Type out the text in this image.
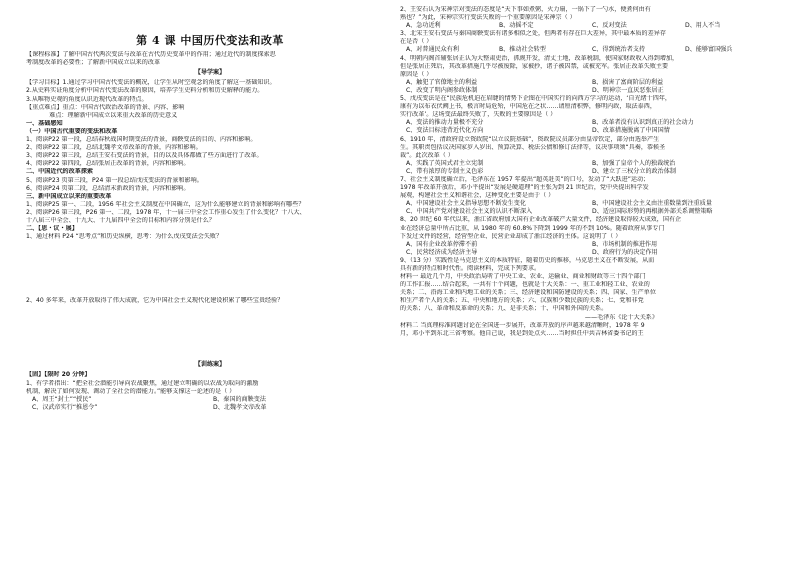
第 4 课 中国历代变法和改革
【课程标准】了解中国古代两次变法与改革在古代历史变革中的作用；通过近代的制度探索思
考制度改革的必要性；了解新中国成立以来的改革
【导学案】
【学习目标】1.通过学习中国古代变法的概况，让学生从时空观念的角度了解这一基础知识。
2.从史料实证角度分析中国古代变法改革的原因，培养学生史料分析和历史解释的能力。
3.从唯物史观的角度认识近现代改革的特点。
【重点难点】重点：中国古代政治改革的背景、内容、影响
难点：理解新中国成立以来重大改革的历史意义
一、基础感知
（一）中国古代重要的变法和改革
1、阅读P22 第一段，总结春秋战国时期变法的背景，商鞅变法的目的、内容和影响。
2、阅读P22 第二段，总结北魏孝文帝改革的背景，内容和影响。
3、阅读P22 第三段，总结王安石变法的背景，目的以及具体都做了些方面进行了改革。
4、阅读P22 第四段，总结张居正改革的背景，内容和影响。
二、中国近代的改革探索
5、阅读P23 页第三段，P24 第一段总结戊戌变法的背景和影响。
6、阅读P24 页第二段，总结清末新政的背景，内容和影响。
三、新中国成立以来的重要改革
1、阅读P25 第一、二段，1956 年社会主义制度在中国确立，这为什么能够建立的背景和影响有哪些？
2、阅读P26 第三段，P26 第一、二段，1978 年，十一届三中全会工作重心发生了什么变化？十八大、
十八届三中全会、十九大、十九届四中全会的目标和内容分别是什么？
二、【思・议・展】
1、通过材料 P24 “思考点”和历史纵横，思考：为什么戊戌变法会失败？
2、40 多年来，改革开放取得了伟大成就，它为中国社会主义现代化建设积累了哪些宝贵经验？
【训练案】
【固】【限时 20 分钟】
1、有学者指出：“把全社会潜能引导向农战聚焦，通过建立明确的以农战为取向的激励
机制，解决了如何发现、调动了全社会的潜能力。”能够支撑这一论述的是（ ）
A、周王“封土”“授民”	B、秦国的商鞅变法
C、汉武帝实行“推恩令”	D、北魏孝文帝改革
2、王安石认为宋神宗对变法的态度是“天下事如煮粥，火力扇，一锅下了一勺水，便煮何由有
熟也？”为此，宋神宗实行变法失败的一个重要原因是宋神宗（ ）
A、急功近利	B、动摇不定	C、反对变法	D、用人不当
3、北宋王安石变法与秦国商鞅变法有诸多相似之处，但两者有存在巨大差异，其中最本质的差异存
在是否（ ）
A、对普通民众有利	B、推动社会转型	C、得到统治者支持	D、能够富国强兵
4、明朝内阁首辅张居正认为大整肃吏治，抓规开发，清丈土地，改革税制，使国家财政收入得到增加，
但是张居正死后，其改革措施几乎尽被废除，家被抄，诸子被囚禁，或被充军。张居正改革失败主要
原因是（ ）
A、触犯了官僚地主的利益	B、损害了富商阶层的利益
C、改变了明内阁参政体制	D、明神宗一直厌恶张居正
5、戊戌变法是在“民族危机迫在眉睫的情势下企图在中国实行的向西方学习的运动，‘自光绪十四年，
康有为以布衣伏阙上书，极言时局危殆，中国危在之状……请厘清积弊，修明内政，取法泰西，
实行改革’。这场变法最终失败了，失败的主要原因是（ ）
A、变法的推动力量极不充分	B、改革者没有认识到真正的社会动力
C、变法目标违背近代化方向	D、改革措施脱离了中国国情
6、1910 年，清政府设立资政院“以立议院基础”，资政院议员部分由皇帝钦定，部分由选举产生
生。其职责包括议决国家岁入岁出、预算决算、税法公债和修订法律等，议决事项须“具奏，恭候圣
裁”。此次改革（ ）
A、实践了英国式君主立宪制	B、加强了皇帝个人的独裁统治
C、带有浓厚的专制主义色彩	D、建立了三权分立的政治体制
7、社会主义制度确立后，毛泽东在 1957 年提出“超英赶美”的口号，发动了“大跃进”运动；
1978 年改革开放后，邓小平提出“发展是硬道理”的主张为到 21 世纪后，党中央提出科学发
展观，构建社会主义和谐社会，这种变化主要是由于（ ）
A、中国建设社会主义指导思想不断发生变化	B、中国建设社会主义由注重数量到注重质量
C、中国共产党对建设社会主义的认识不断深入	D、适应国际形势的再根据外部关系调整策略
8、20 世纪 60 年代以来，浙江省政府加大国有企业改革破产大量文件，经济建设取得较大成效，国有企
业在经济总量中所占比重，从 1980 年的 60.8%下降到 1999 年的不到 10%。随着政府从事专门
下发过文件的经营，经营型企业、民营企业却成了浙江经济的主体。这说明了（ ）
A、国有企业改革停滞不前	B、市场机制的推进作用
C、民营经济成为经济主导	D、政府行为的决定作用
9、（13 分）实践性是马克思主义的本质特征，随着历史的推移，马克思主义在不断发展，从而
具有新的特点和时代性。阅读材料，完成下列要求。
材料一 最近几个月，中央政治局听了中央工业、农业、运输业、商业和财政等三十四个部门
的工作汇报……结合起来，一共有十个问题，也就是十大关系：一、重工业和轻工业、农业的
关系；二、沿海工业和内地工业的关系；三、经济建设和国防建设的关系；四、国家、生产单位
和生产者个人的关系；五、中央和地方的关系；六、汉族和少数民族的关系；七、党和非党
的关系；八、革命和反革命的关系；九、是非关系；十、中国和外国的关系。
——毛泽东《论十大关系》
材料二 当真理标准问题讨论在全国进一步展开，改革开放的序声越来越清晰时，1978 年 9
月，邓小平到东北三省考察。他自己说，我是到处点火……当时担任中共吉林省委书记的王
